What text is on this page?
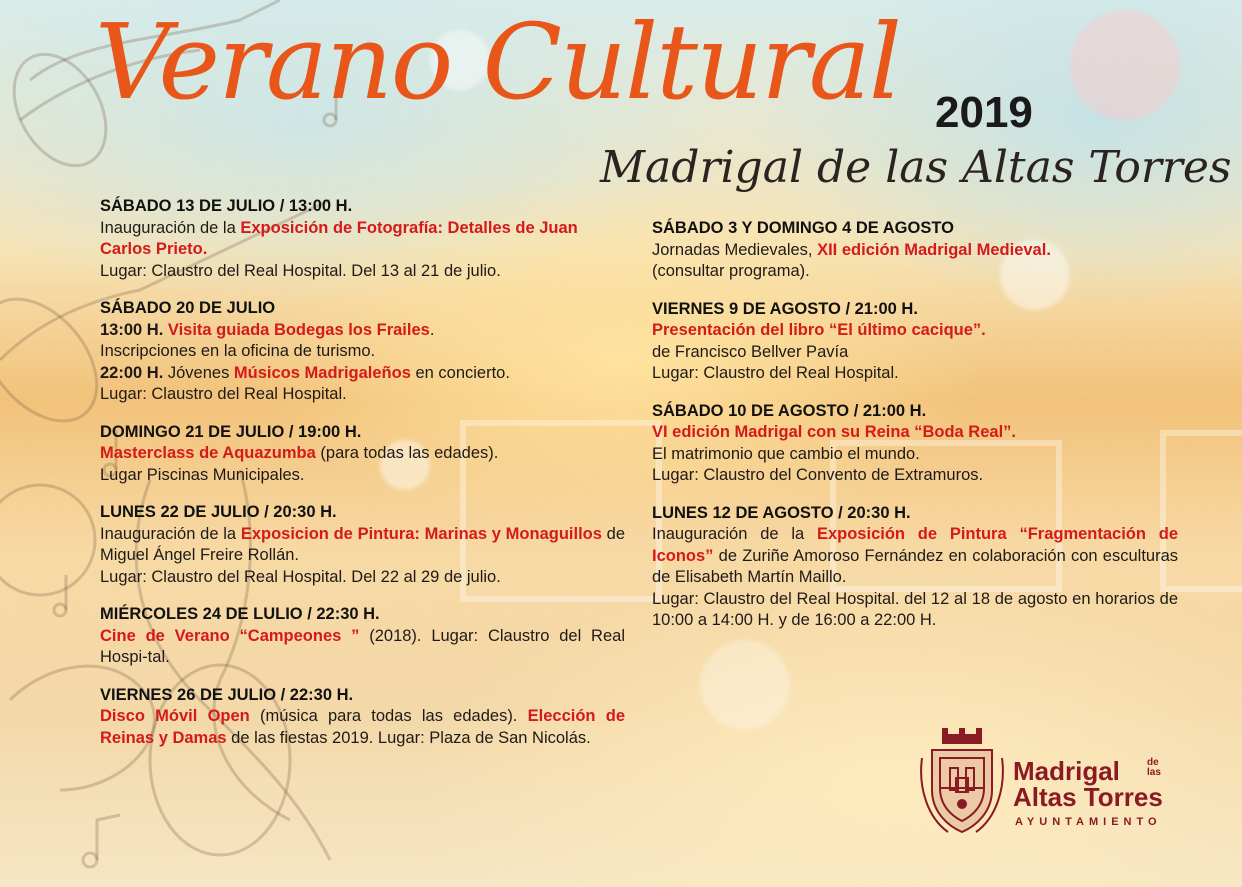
Verano Cultural 2019
Madrigal de las Altas Torres
SÁBADO 13 DE JULIO / 13:00 H.
Inauguración de la Exposición de Fotografía: Detalles de Juan Carlos Prieto.
Lugar: Claustro del Real Hospital. Del 13 al 21 de julio.
SÁBADO 20 DE JULIO
13:00 H. Visita guiada Bodegas los Frailes.
Inscripciones en la oficina de turismo.
22:00 H. Jóvenes Músicos Madrigaleños en concierto.
Lugar: Claustro del Real Hospital.
DOMINGO 21 DE JULIO / 19:00 H.
Masterclass de Aquazumba (para todas las edades).
Lugar Piscinas Municipales.
LUNES 22 DE JULIO / 20:30 H.
Inauguración de la Exposicion de Pintura: Marinas y Monaguillos de Miguel Ángel Freire Rollán.
Lugar: Claustro del Real Hospital. Del 22 al 29 de julio.
MIÉRCOLES 24 DE LULIO / 22:30 H.
Cine de Verano “Campeones ” (2018). Lugar: Claustro del Real Hospi-tal.
VIERNES 26 DE JULIO / 22:30 H.
Disco Móvil Open (música para todas las edades). Elección de Reinas y Damas de las fiestas 2019. Lugar: Plaza de San Nicolás.
SÁBADO 3 Y DOMINGO 4 DE AGOSTO
Jornadas Medievales, XII edición Madrigal Medieval.
(consultar programa).
VIERNES 9 DE AGOSTO / 21:00 H.
Presentación del libro “El último cacique”.
de Francisco Bellver Pavía
Lugar: Claustro del Real Hospital.
SÁBADO 10 DE AGOSTO / 21:00 H.
VI edición Madrigal con su Reina “Boda Real”.
El matrimonio que cambio el mundo.
Lugar: Claustro del Convento de Extramuros.
LUNES 12 DE AGOSTO / 20:30 H.
Inauguración de la Exposición de Pintura “Fragmentación de Iconos” de Zuriñe Amoroso Fernández en colaboración con esculturas de Elisabeth Martín Maillo.
Lugar: Claustro del Real Hospital. del 12 al 18 de agosto en horarios de 10:00 a 14:00 H. y de 16:00 a 22:00 H.
Madrigal
Altas Torres
de
las
AYUNTAMIENTO
